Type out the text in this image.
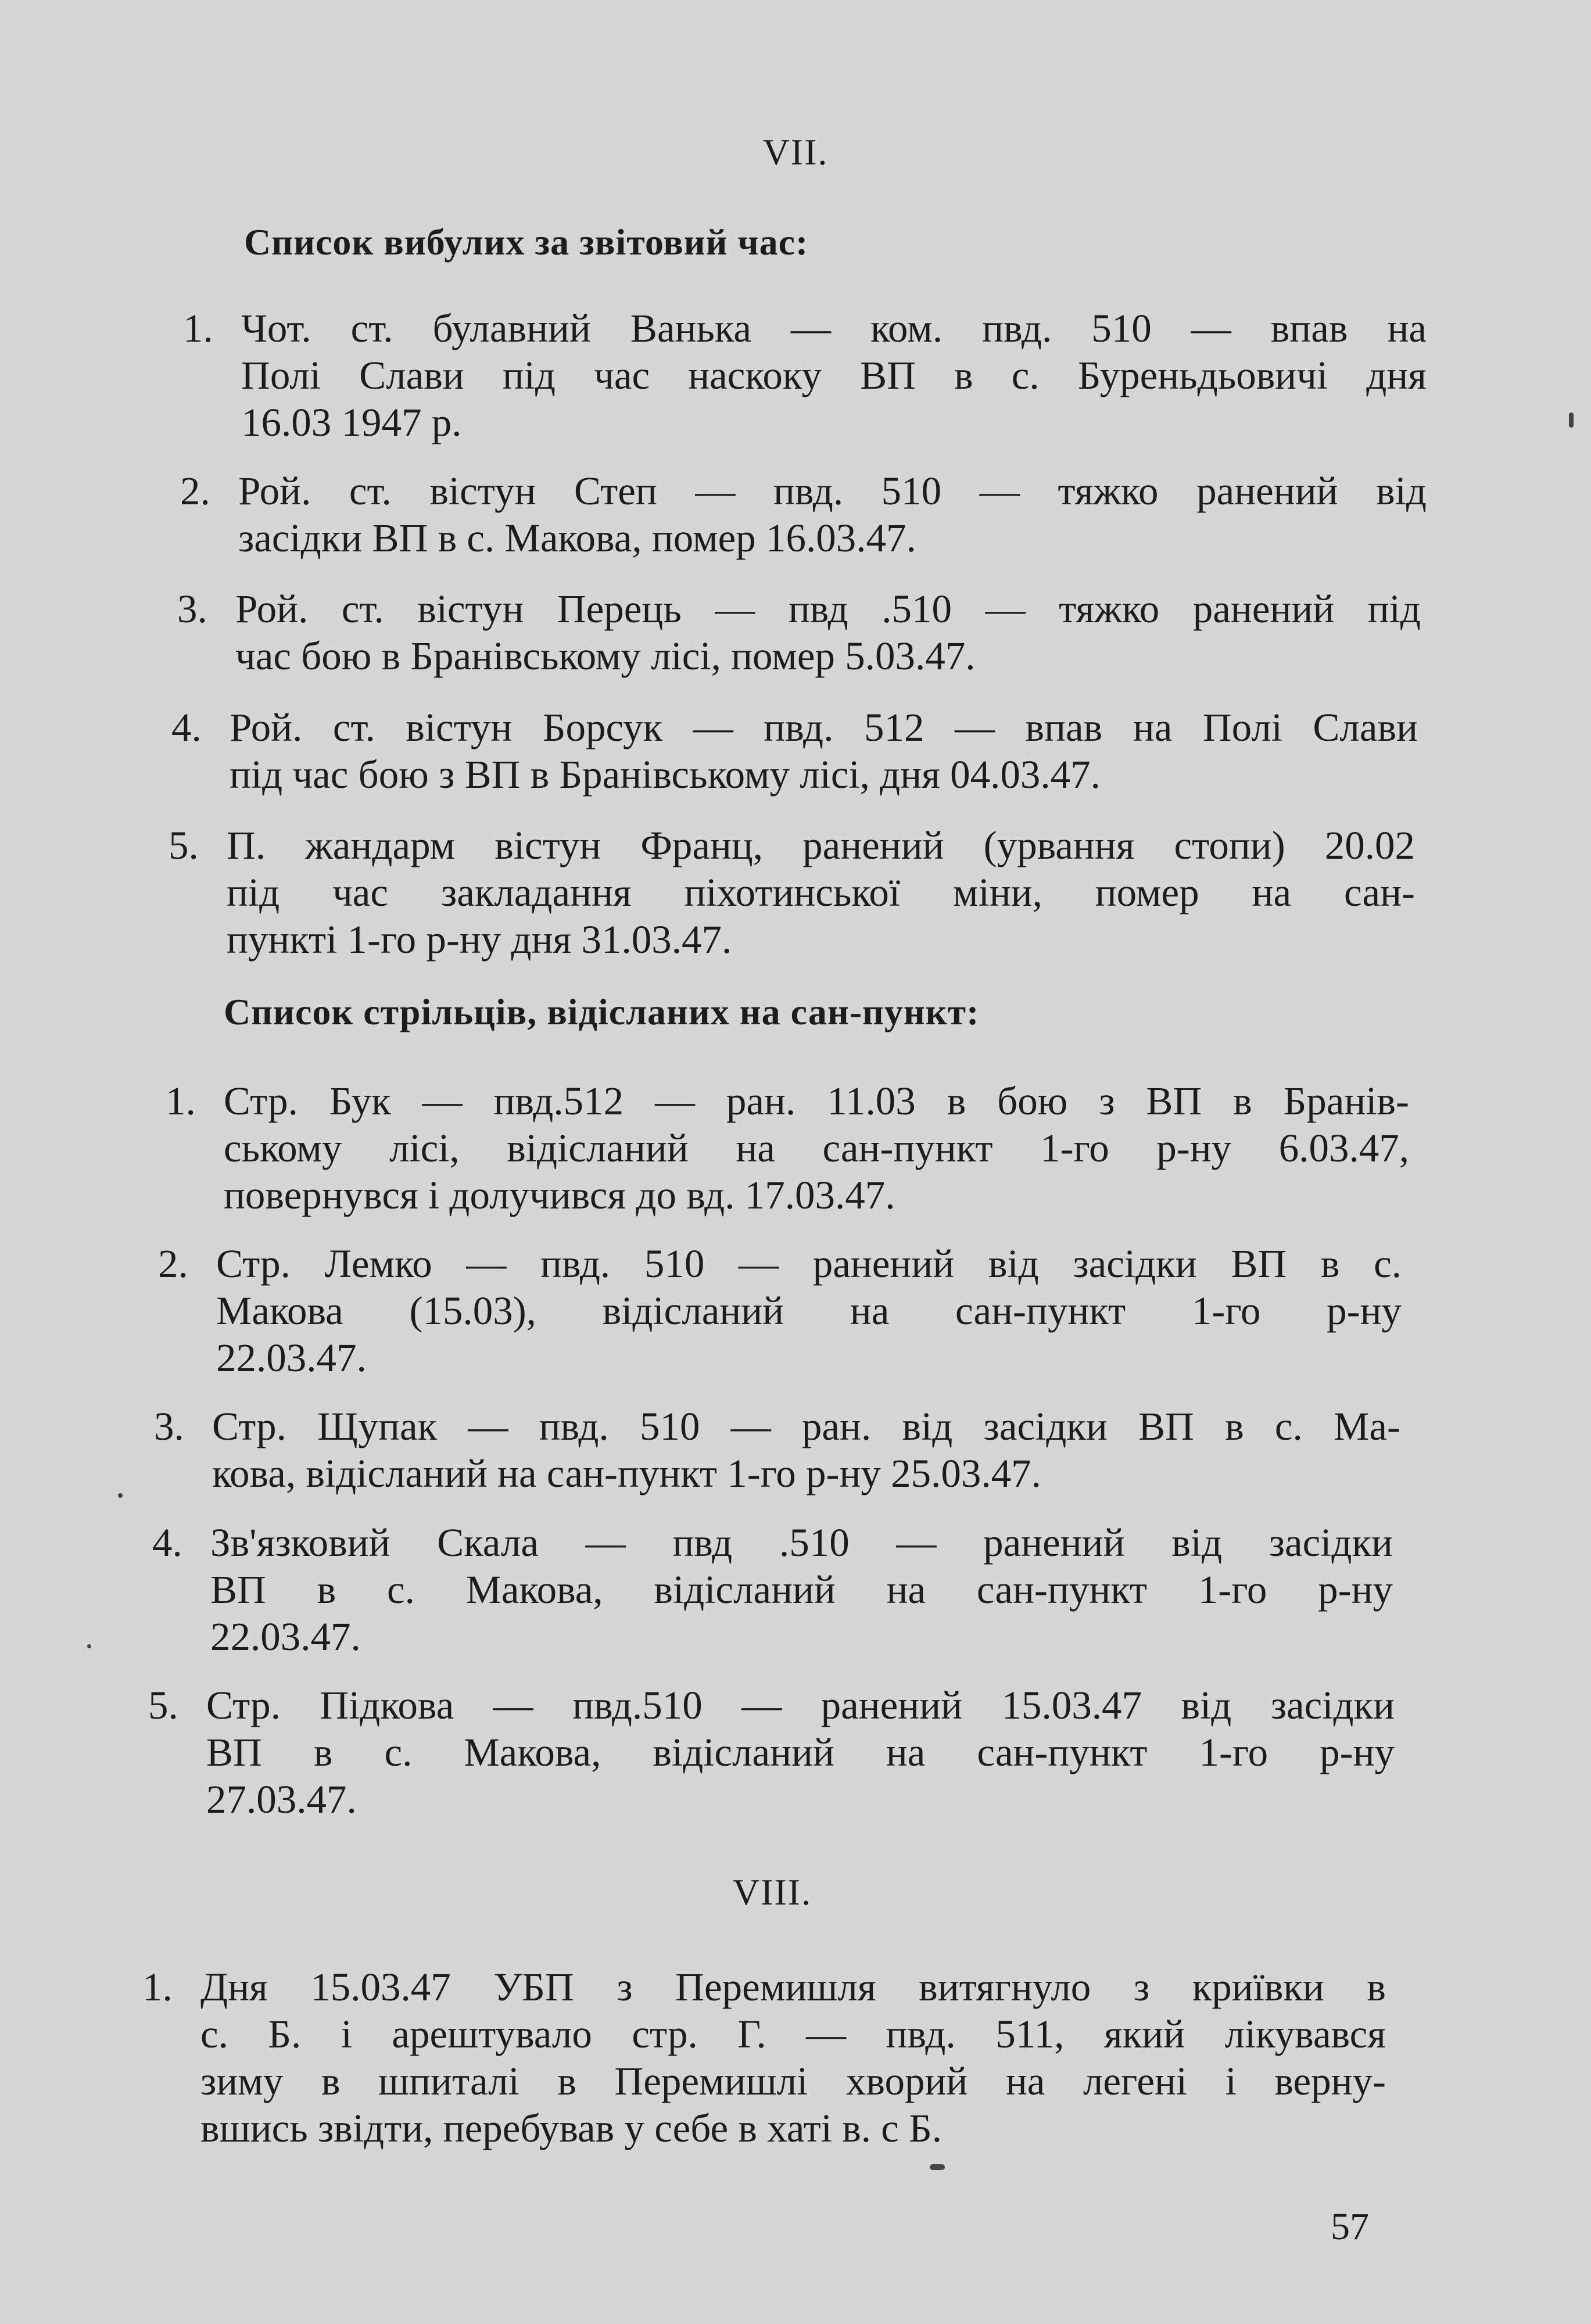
VII.
Список вибулих за звітовий час:
1. Чот. ст. булавний Ванька — ком. пвд. 510 — впав на
Полі Слави під час наскоку ВП в с. Буреньдьовичі дня
16.03 1947 р.
2. Рой. ст. вістун Степ — пвд. 510 — тяжко ранений від
засідки ВП в с. Макова, помер 16.03.47.
3. Рой. ст. вістун Перець — пвд .510 — тяжко ранений під
час бою в Бранівському лісі, помер 5.03.47.
4. Рой. ст. вістун Борсук — пвд. 512 — впав на Полі Слави
під час бою з ВП в Бранівському лісі, дня 04.03.47.
5. П. жандарм вістун Франц, ранений (урвання стопи) 20.02
під час закладання піхотинської міни, помер на сан-
пункті 1-го р-ну дня 31.03.47.
Список стрільців, відісланих на сан-пункт:
1. Стр. Бук — пвд.512 — ран. 11.03 в бою з ВП в Бранів-
ському лісі, відісланий на сан-пункт 1-го р-ну 6.03.47,
повернувся і долучився до вд. 17.03.47.
2. Стр. Лемко — пвд. 510 — ранений від засідки ВП в с.
Макова (15.03), відісланий на сан-пункт 1-го р-ну
22.03.47.
3. Стр. Щупак — пвд. 510 — ран. від засідки ВП в с. Ма-
кова, відісланий на сан-пункт 1-го р-ну 25.03.47.
4. Зв'язковий Скала — пвд .510 — ранений від засідки
ВП в с. Макова, відісланий на сан-пункт 1-го р-ну
22.03.47.
5. Стр. Підкова — пвд.510 — ранений 15.03.47 від засідки
ВП в с. Макова, відісланий на сан-пункт 1-го р-ну
27.03.47.
VIII.
1. Дня 15.03.47 УБП з Перемишля витягнуло з криївки в
с. Б. і арештувало стр. Г. — пвд. 511, який лікувався
зиму в шпиталі в Перемишлі хворий на легені і верну-
вшись звідти, перебував у себе в хаті в. с Б.
57
